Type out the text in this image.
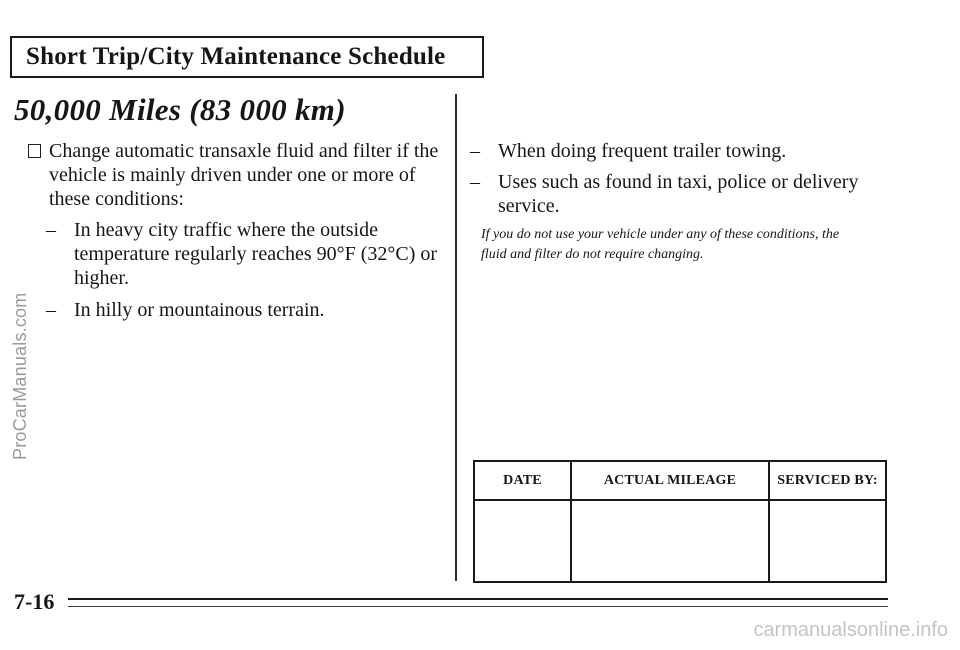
Short Trip/City Maintenance Schedule
50,000 Miles (83 000 km)
Change automatic transaxle fluid and filter if the vehicle is mainly driven under one or more of these conditions:
– In heavy city traffic where the outside temperature regularly reaches 90°F (32°C) or higher.
– In hilly or mountainous terrain.
– When doing frequent trailer towing.
– Uses such as found in taxi, police or delivery service.
If you do not use your vehicle under any of these conditions, the fluid and filter do not require changing.
DATE	ACTUAL MILEAGE	SERVICED BY:

7-16
ProCarManuals.com
carmanualsonline.info
